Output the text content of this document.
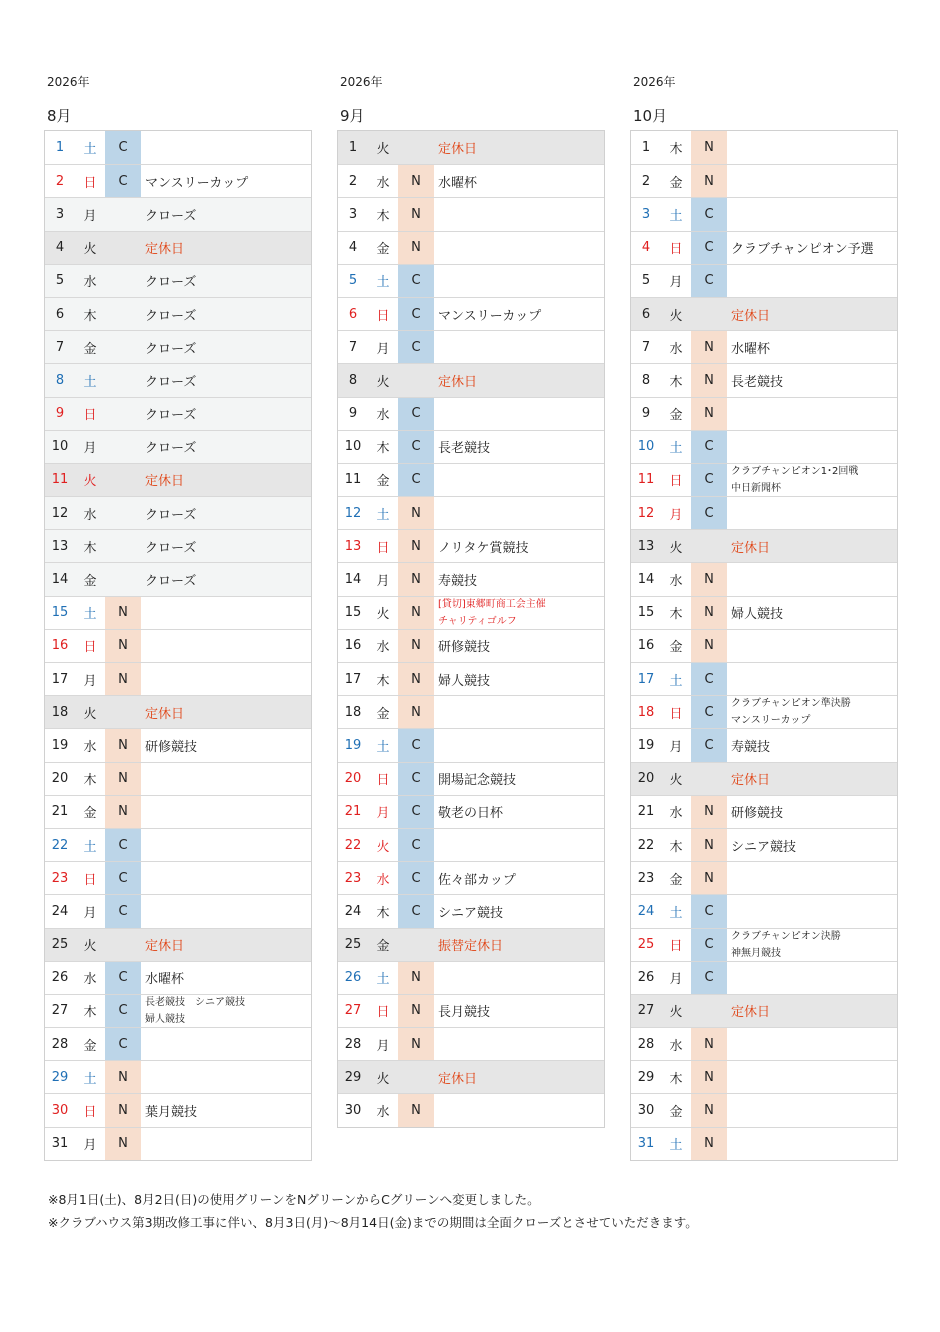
2026年
8月
1	土	C
2	日	C	マンスリーカップ
3	月	クローズ
4	火	定休日
5	水	クローズ
6	木	クローズ
7	金	クローズ
8	土	クローズ
9	日	クローズ
10	月	クローズ
11	火	定休日
12	水	クローズ
13	木	クローズ
14	金	クローズ
15	土	N
16	日	N
17	月	N
18	火	定休日
19	水	N	研修競技
20	木	N
21	金	N
22	土	C
23	日	C
24	月	C
25	火	定休日
26	水	C	水曜杯
27	木	C
長老競技　シニア競技
婦人競技
28	金	C
29	土	N
30	日	N	葉月競技
31	月	N
2026年
9月
1	火	定休日
2	水	N	水曜杯
3	木	N
4	金	N
5	土	C
6	日	C	マンスリーカップ
7	月	C
8	火	定休日
9	水	C
10	木	C	長老競技
11	金	C
12	土	N
13	日	N	ノリタケ賞競技
14	月	N	寿競技
15	火	N
[貸切]東郷町商工会主催
チャリティゴルフ
16	水	N	研修競技
17	木	N	婦人競技
18	金	N
19	土	C
20	日	C	開場記念競技
21	月	C	敬老の日杯
22	火	C
23	水	C	佐々部カップ
24	木	C	シニア競技
25	金	振替定休日
26	土	N
27	日	N	長月競技
28	月	N
29	火	定休日
30	水	N
2026年
10月
1	木	N
2	金	N
3	土	C
4	日	C	クラブチャンピオン予選
5	月	C
6	火	定休日
7	水	N	水曜杯
8	木	N	長老競技
9	金	N
10	土	C
11	日	C
クラブチャンピオン1･2回戦
中日新聞杯
12	月	C
13	火	定休日
14	水	N
15	木	N	婦人競技
16	金	N
17	土	C
18	日	C
クラブチャンピオン準決勝
マンスリーカップ
19	月	C	寿競技
20	火	定休日
21	水	N	研修競技
22	木	N	シニア競技
23	金	N
24	土	C
25	日	C
クラブチャンピオン決勝
神無月競技
26	月	C
27	火	定休日
28	水	N
29	木	N
30	金	N
31	土	N
※8月1日(土)、8月2日(日)の使用グリーンをNグリーンからCグリーンへ変更しました。
※クラブハウス第3期改修工事に伴い、8月3日(月)～8月14日(金)までの期間は全面クローズとさせていただきます。
